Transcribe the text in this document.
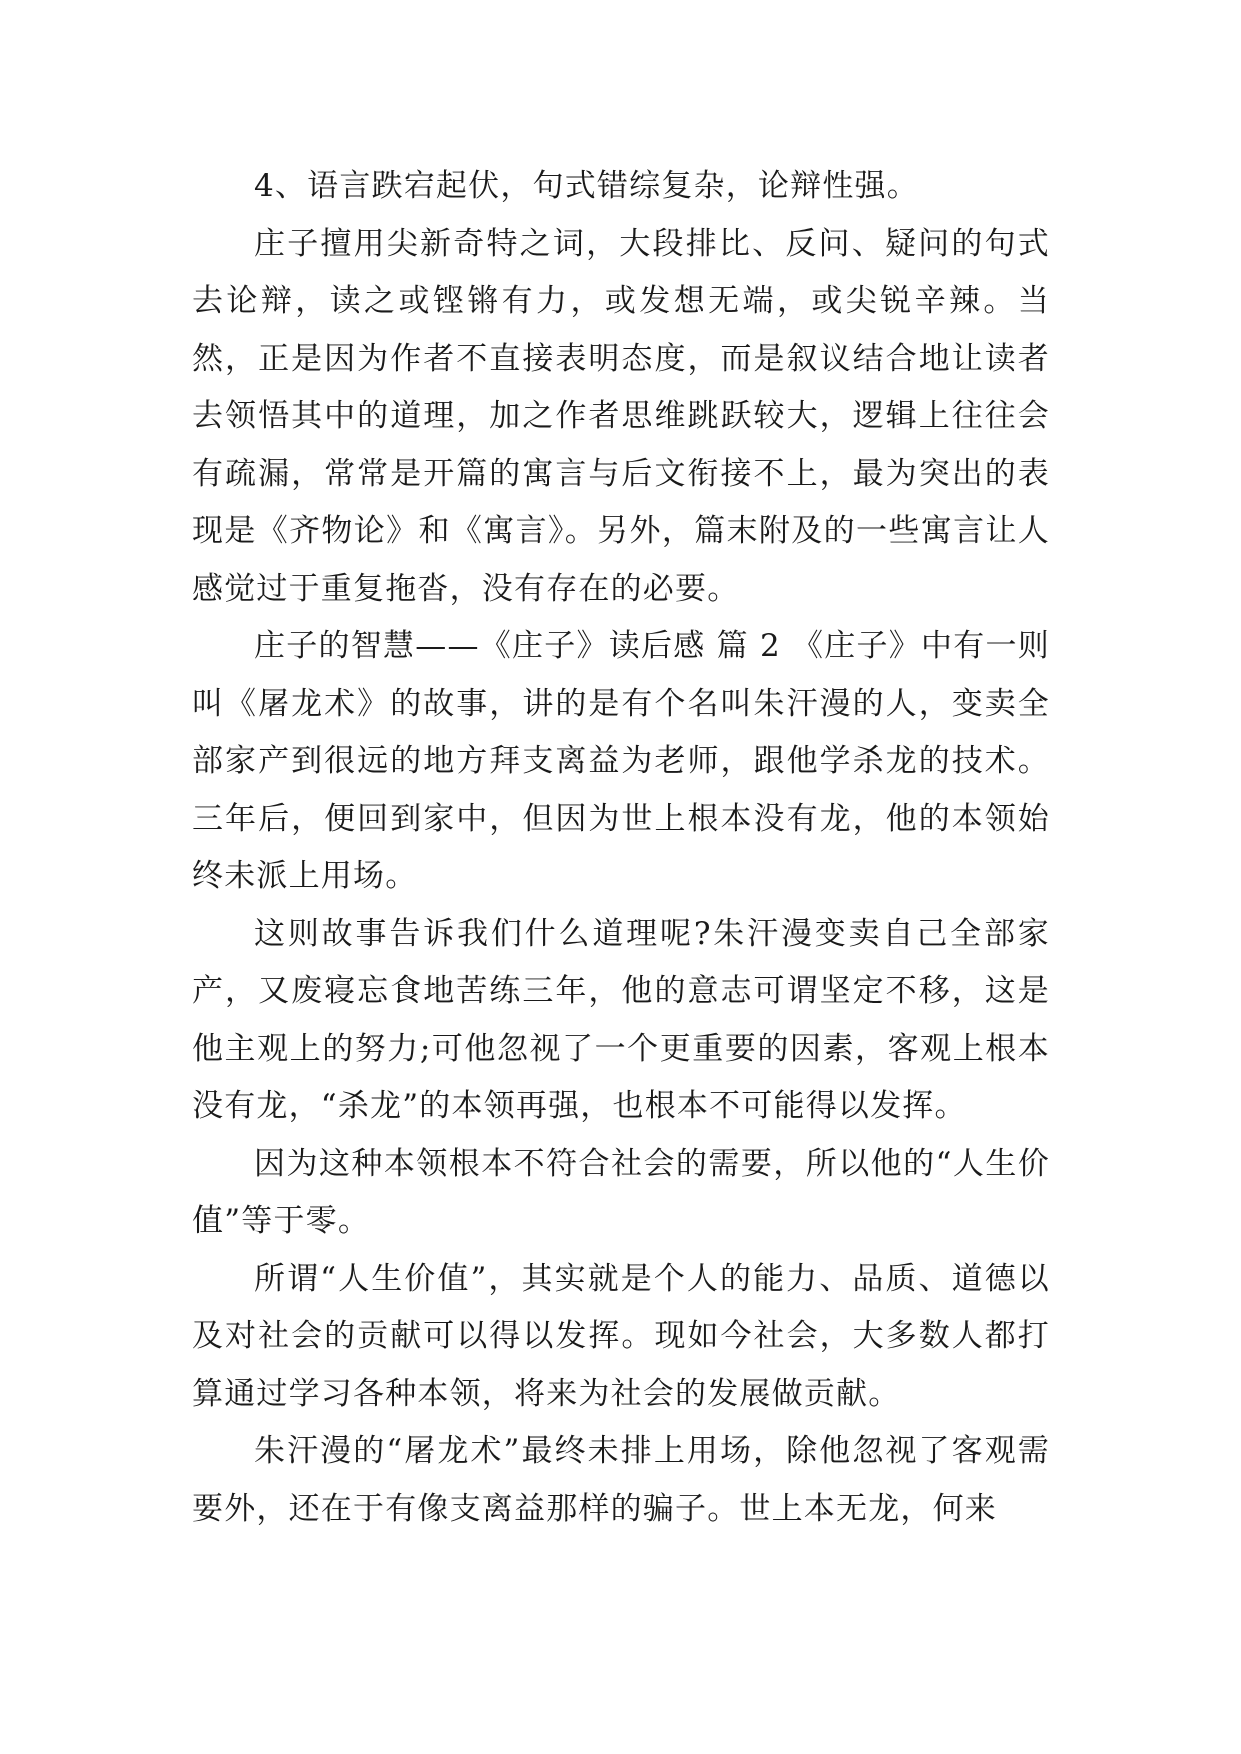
4、语言跌宕起伏，句式错综复杂，论辩性强。

庄子擅用尖新奇特之词，大段排比、反问、疑问的句式去论辩，读之或铿锵有力，或发想无端，或尖锐辛辣。当然，正是因为作者不直接表明态度，而是叙议结合地让读者去领悟其中的道理，加之作者思维跳跃较大，逻辑上往往会有疏漏，常常是开篇的寓言与后文衔接不上，最为突出的表现是《齐物论》和《寓言》。另外，篇末附及的一些寓言让人感觉过于重复拖沓，没有存在的必要。

庄子的智慧——《庄子》读后感 篇 2 《庄子》中有一则叫《屠龙术》的故事，讲的是有个名叫朱汗漫的人，变卖全部家产到很远的地方拜支离益为老师，跟他学杀龙的技术。三年后，便回到家中，但因为世上根本没有龙，他的本领始终未派上用场。

这则故事告诉我们什么道理呢?朱汗漫变卖自己全部家产，又废寝忘食地苦练三年，他的意志可谓坚定不移，这是他主观上的努力;可他忽视了一个更重要的因素，客观上根本没有龙，“杀龙”的本领再强，也根本不可能得以发挥。

因为这种本领根本不符合社会的需要，所以他的“人生价值”等于零。

所谓“人生价值”，其实就是个人的能力、品质、道德以及对社会的贡献可以得以发挥。现如今社会，大多数人都打算通过学习各种本领，将来为社会的发展做贡献。

朱汗漫的“屠龙术”最终未排上用场，除他忽视了客观需要外，还在于有像支离益那样的骗子。世上本无龙，何来
